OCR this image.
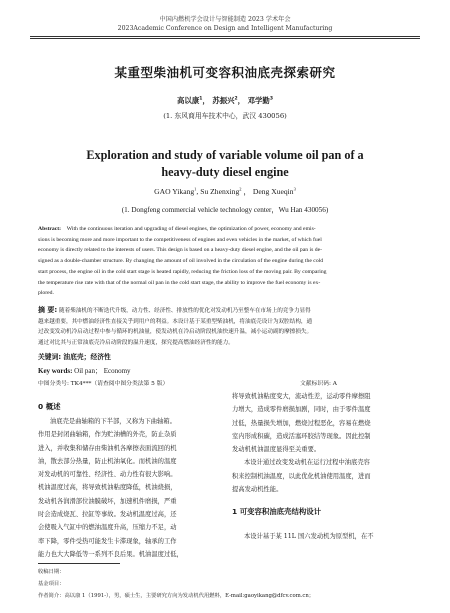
中国内燃机学会设计与智能制造 2023 学术年会
2023Academic Conference on Design and Intelligent Manufacturing
某重型柴油机可变容积油底壳探索研究
高以康$^1$， 苏振兴$^2$， 邓学勤$^3$
(1. 东风商用车技术中心，武汉 430056)
Exploration and study of variable volume oil pan of a
heavy-duty diesel engine
GAO Yikang$^1$, Su Zhenxing$^2$ ， Deng Xueqin$^3$
(1. Dongfeng commercial vehicle technology center，Wu Han 430056)
Abstract: With the continuous iteration and upgrading of diesel engines, the optimization of power, economy and emis-
sions is becoming more and more important to the competitiveness of engines and even vehicles in the market, of which fuel
economy is directly related to the interests of users. This design is based on a heavy-duty diesel engine, and the oil pan is de-
signed as a double-chamber structure. By changing the amount of oil involved in the circulation of the engine during the cold
start process, the engine oil in the cold start stage is heated rapidly, reducing the friction loss of the moving pair. By comparing
the temperature rise rate with that of the normal oil pan in the cold start stage, the ability to improve the fuel economy is ex-
plored.
摘 要: 随着柴油机的不断迭代升级，动力性、经济性、排放性的优化对发动机乃至整车在市场上的竞争力显得
越来越重要，其中燃油经济性直接关乎到用户的利益。本设计基于某重型柴油机，将油底壳设计为双腔结构，通
过改变发动机冷启动过程中参与循环的机油量，使发动机在冷启动阶段机油快速升温，减小运动副的摩擦损失。
通过对比其与正常油底壳冷启动阶段的温升速度，探究提高燃油经济性的能力。
关键词: 油底壳；经济性
Key words: Oil pan； Economy
中图分类号: TK4***（请查阅中图分类法第 5 版）	文献标识码: A
0 概述
油底壳是曲轴箱的下半部，又称为下曲轴箱。
作用是封闭曲轴箱，作为贮油槽的外壳，防止杂质
进入，并收集和储存由柴油机各摩擦表面流回的机
油，散去部分热量，防止机油氧化。而机油的温度
对发动机的可靠性、经济性、动力性有很大影响。
机油温度过高，将导致机油粘度降低，机油烧损，
发动机各润滑部位油膜破坏，加速机件磨损，严重
时会造成烧瓦、拉缸等事故。发动机温度过高，还
会使吸入气缸中的燃油温度升高，压缩力不足，动
率下降，零件受热可能发生卡滞现象，轴承的工作
能力也大大降低等一系列不良后果。机油温度过低，
将导致机油粘度变大，流动性差，运动零件摩擦阻
力增大，造成零件磨损加剧，同时，由于零件温度
过低，热量损失增加，燃烧过程恶化，容易在燃烧
室内形成积碳，造成活塞环胶结等现象。因此控制
发动机机油温度显得至关重要。
本设计通过改变发动机在运行过程中油底壳容
积来控制机油温度，以此优化机油使用温度，进而
提高发动机性能。
1 可变容积油底壳结构设计
本设计基于某 11L 国六发动机为原型机，在不
收稿日期：
基金项目：
作者简介：高以康 1（1991-），男，硕士生，主要研究方向为发动机代用燃料，E-mail:gaoyikang@dfcv.com.cn；
